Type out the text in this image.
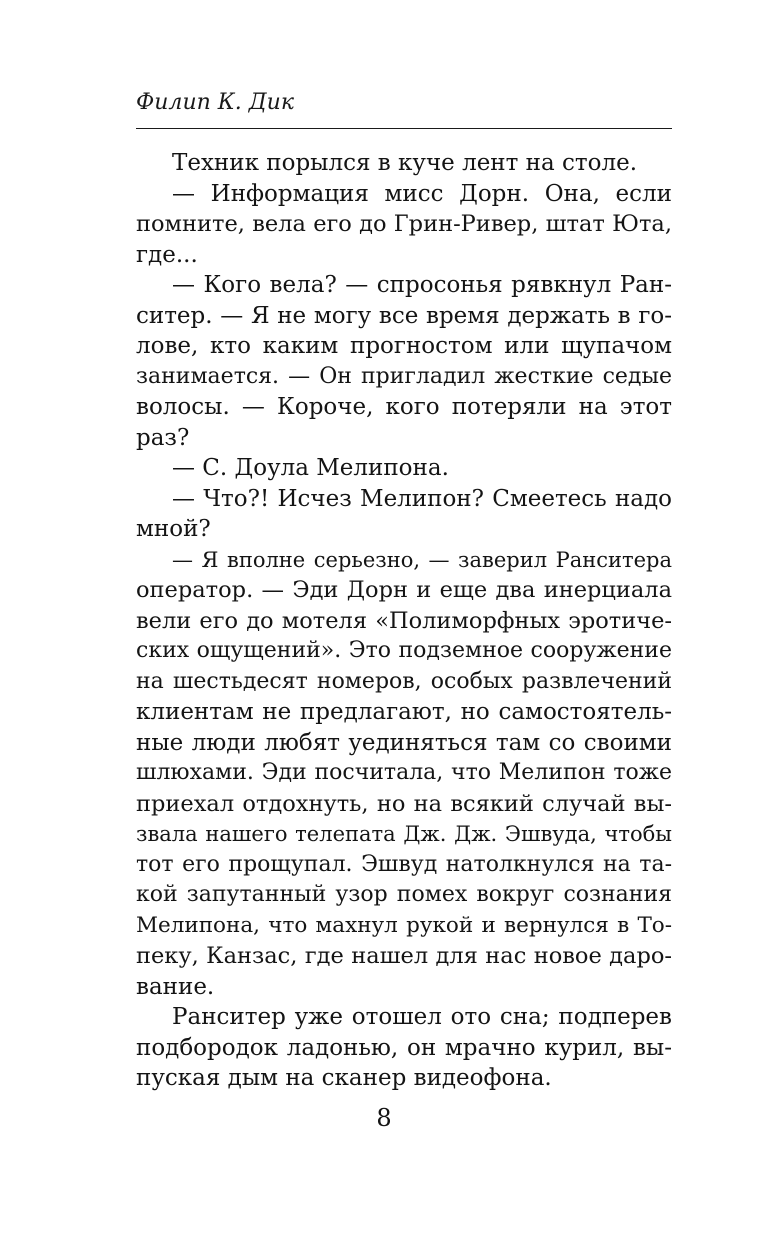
Филип К. Дик
Техник порылся в куче лент на столе.
— Информация мисс Дорн. Она, если
помните, вела его до Грин-Ривер, штат Юта,
где...
— Кого вела? — спросонья рявкнул Ран-
ситер. — Я не могу все время держать в го-
лове, кто каким прогностом или щупачом
занимается. — Он пригладил жесткие седые
волосы. — Короче, кого потеряли на этот
раз?
— С. Доула Мелипона.
— Что?! Исчез Мелипон? Смеетесь надо
мной?
— Я вполне серьезно, — заверил Ранситера
оператор. — Эди Дорн и еще два инерциала
вели его до мотеля «Полиморфных эротиче-
ских ощущений». Это подземное сооружение
на шестьдесят номеров, особых развлечений
клиентам не предлагают, но самостоятель-
ные люди любят уединяться там со своими
шлюхами. Эди посчитала, что Мелипон тоже
приехал отдохнуть, но на всякий случай вы-
звала нашего телепата Дж. Дж. Эшвуда, чтобы
тот его прощупал. Эшвуд натолкнулся на та-
кой запутанный узор помех вокруг сознания
Мелипона, что махнул рукой и вернулся в То-
пеку, Канзас, где нашел для нас новое даро-
вание.
Ранситер уже отошел ото сна; подперев
подбородок ладонью, он мрачно курил, вы-
пуская дым на сканер видеофона.
8
